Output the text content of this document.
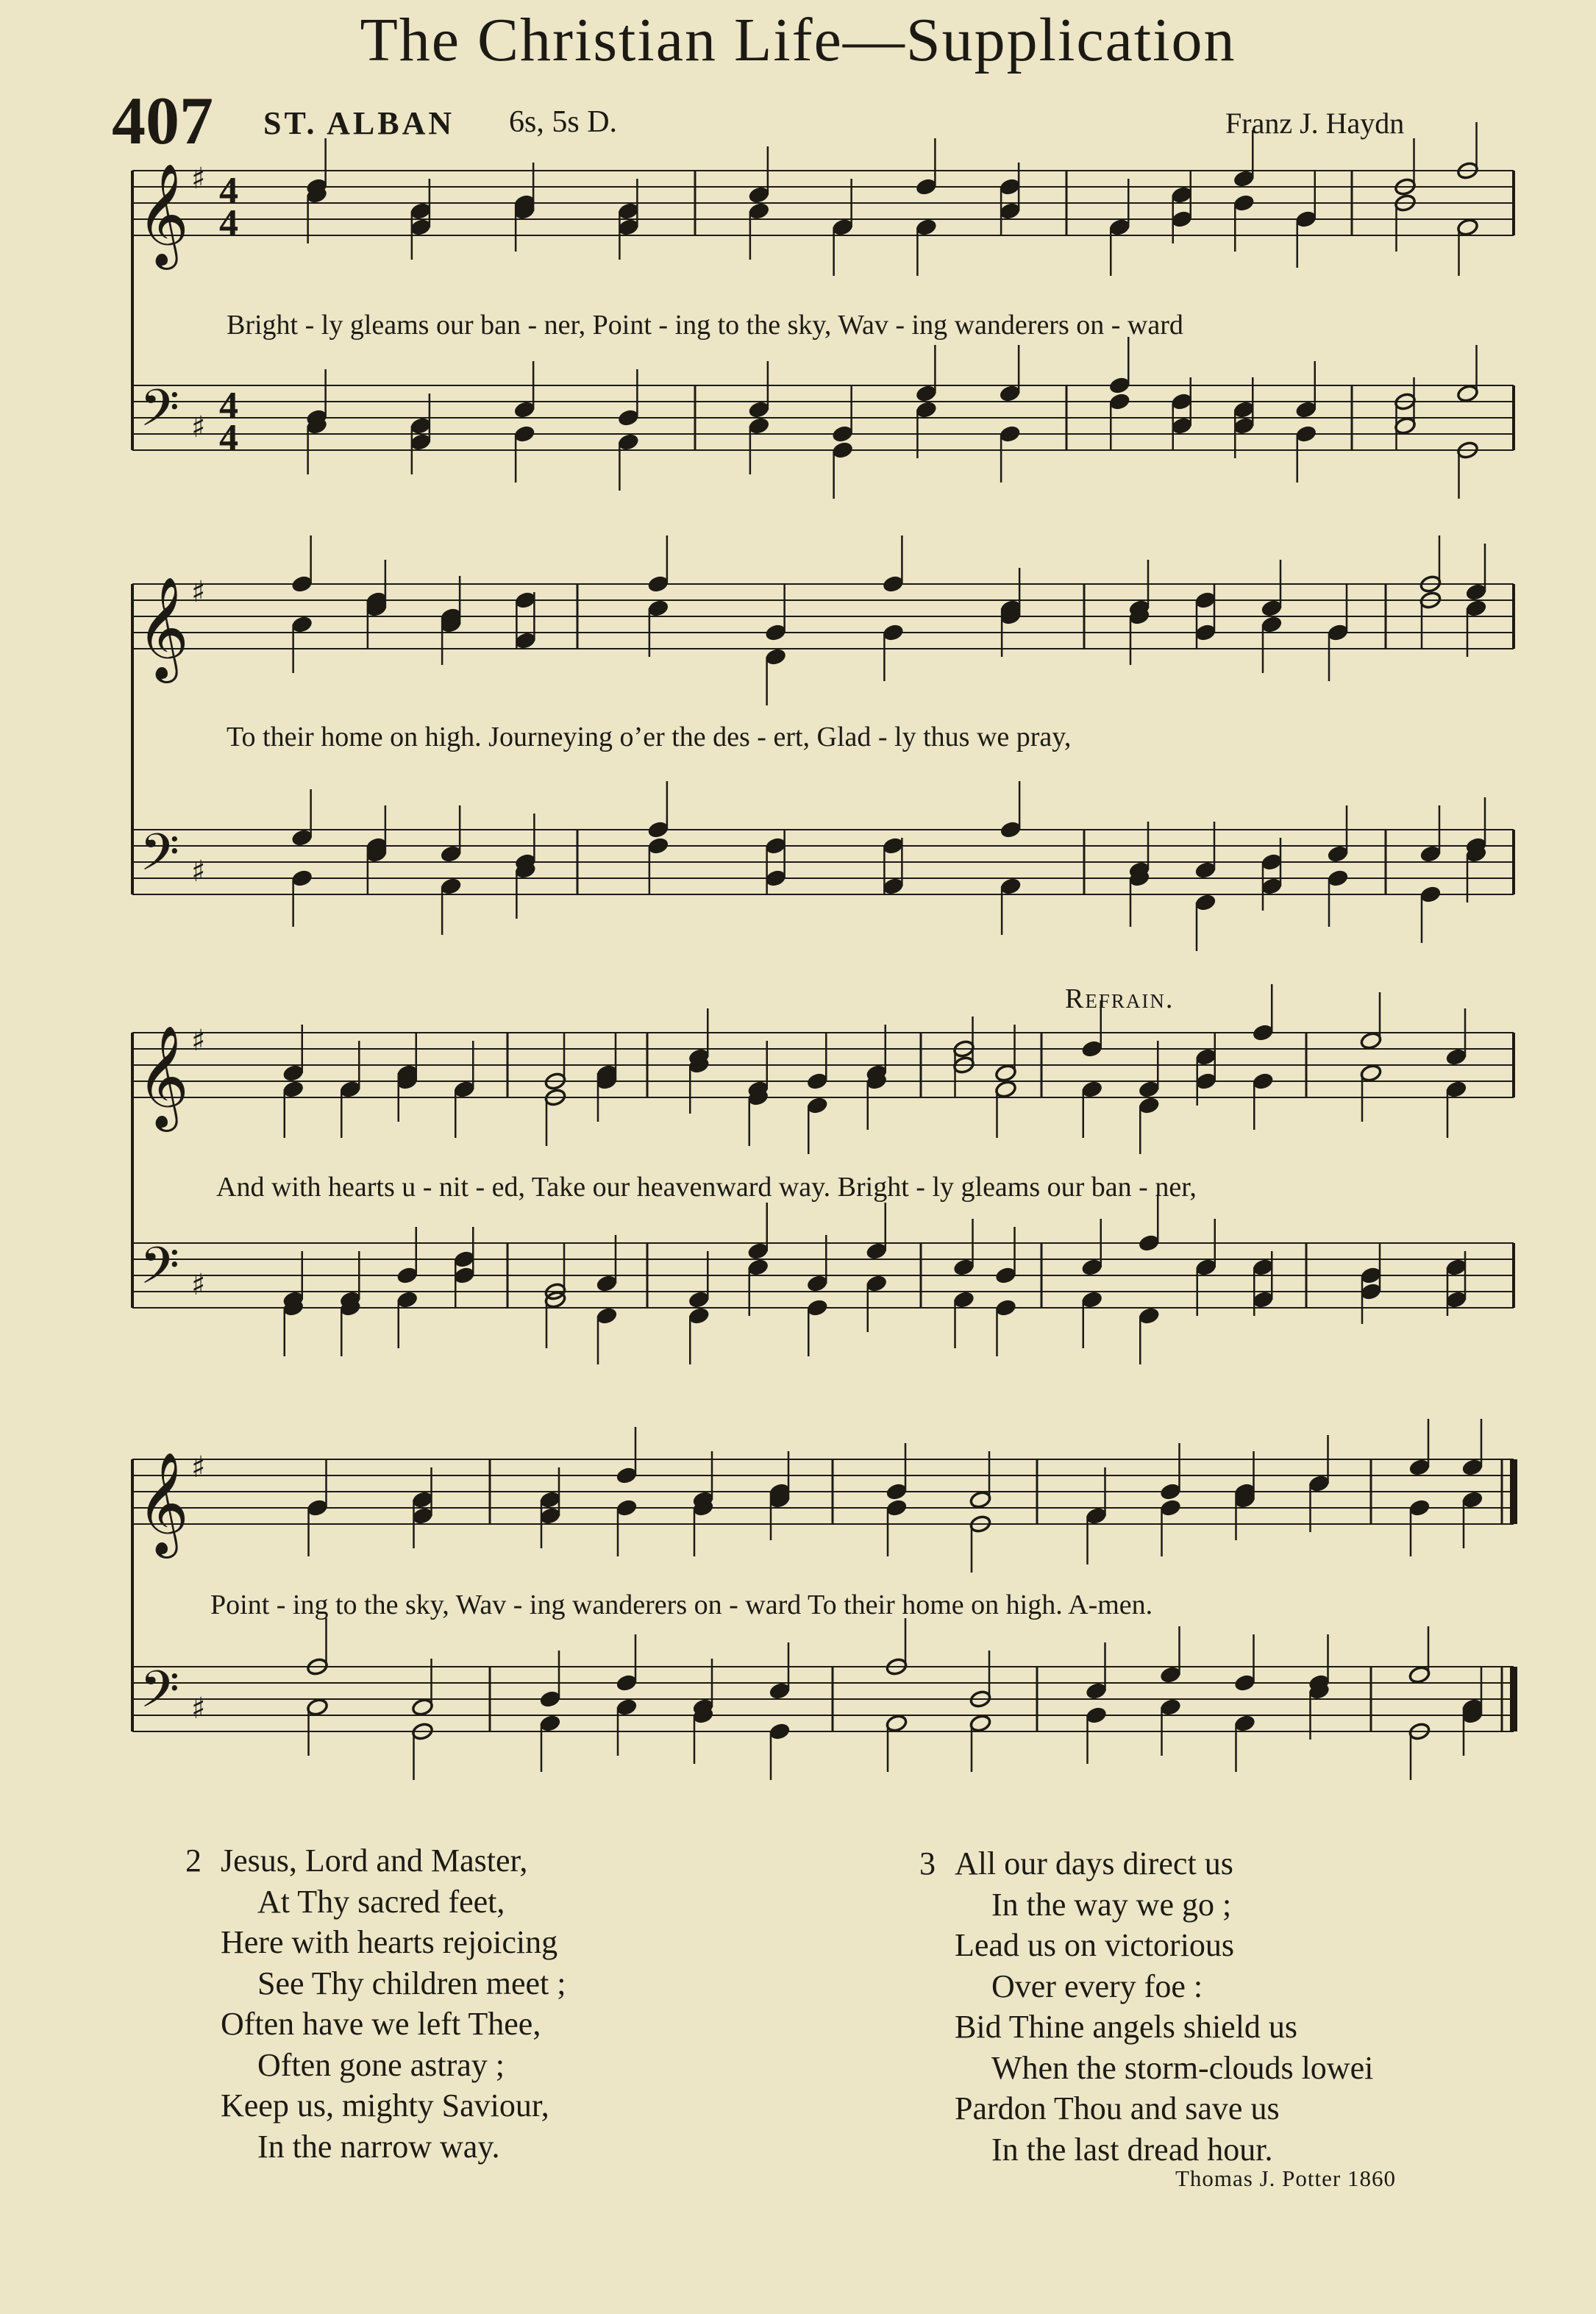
The Christian Life—Supplication
407 ST. ALBAN 6s, 5s D.	Franz J. Haydn
𝄞 ♯ 4
4
𝄢 ♯
4
4
𝄞 ♯
𝄢 ♯
𝄞 ♯
𝄢 ♯
𝄞 ♯
𝄢 ♯
Bright - ly gleams our ban - ner, Point - ing to the sky, Wav - ing wanderers on - ward
To their home on high. Journeying o’er the des - ert, Glad - ly thus we pray,
Refrain.
And with hearts u - nit - ed, Take our heavenward way. Bright - ly gleams our ban - ner,
Point - ing to the sky, Wav - ing wanderers on - ward To their home on high. A-men.
2 Jesus, Lord and Master,
At Thy sacred feet,
Here with hearts rejoicing
See Thy children meet ;
Often have we left Thee,
Often gone astray ;
Keep us, mighty Saviour,
In the narrow way.
3 All our days direct us
In the way we go ;
Lead us on victorious
Over every foe :
Bid Thine angels shield us
When the storm-clouds lowei
Pardon Thou and save us
In the last dread hour.
Thomas J. Potter 1860
